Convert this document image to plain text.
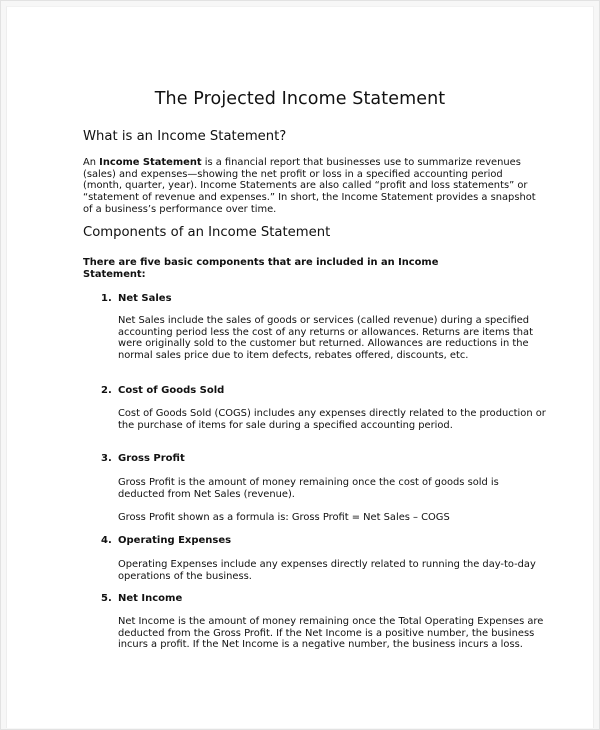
The Projected Income Statement
What is an Income Statement?

An Income Statement is a financial report that businesses use to summarize revenues (sales) and expenses—showing the net profit or loss in a specified accounting period (month, quarter, year). Income Statements are also called “profit and loss statements” or “statement of revenue and expenses.” In short, the Income Statement provides a snapshot of a business’s performance over time.

Components of an Income Statement

There are five basic components that are included in an Income Statement:

1. Net Sales

Net Sales include the sales of goods or services (called revenue) during a specified accounting period less the cost of any returns or allowances. Returns are items that were originally sold to the customer but returned. Allowances are reductions in the normal sales price due to item defects, rebates offered, discounts, etc.

2. Cost of Goods Sold

Cost of Goods Sold (COGS) includes any expenses directly related to the production or the purchase of items for sale during a specified accounting period.

3. Gross Profit

Gross Profit is the amount of money remaining once the cost of goods sold is deducted from Net Sales (revenue).

Gross Profit shown as a formula is: Gross Profit = Net Sales – COGS

4. Operating Expenses

Operating Expenses include any expenses directly related to running the day-to-day operations of the business.

5. Net Income

Net Income is the amount of money remaining once the Total Operating Expenses are deducted from the Gross Profit. If the Net Income is a positive number, the business incurs a profit. If the Net Income is a negative number, the business incurs a loss.
